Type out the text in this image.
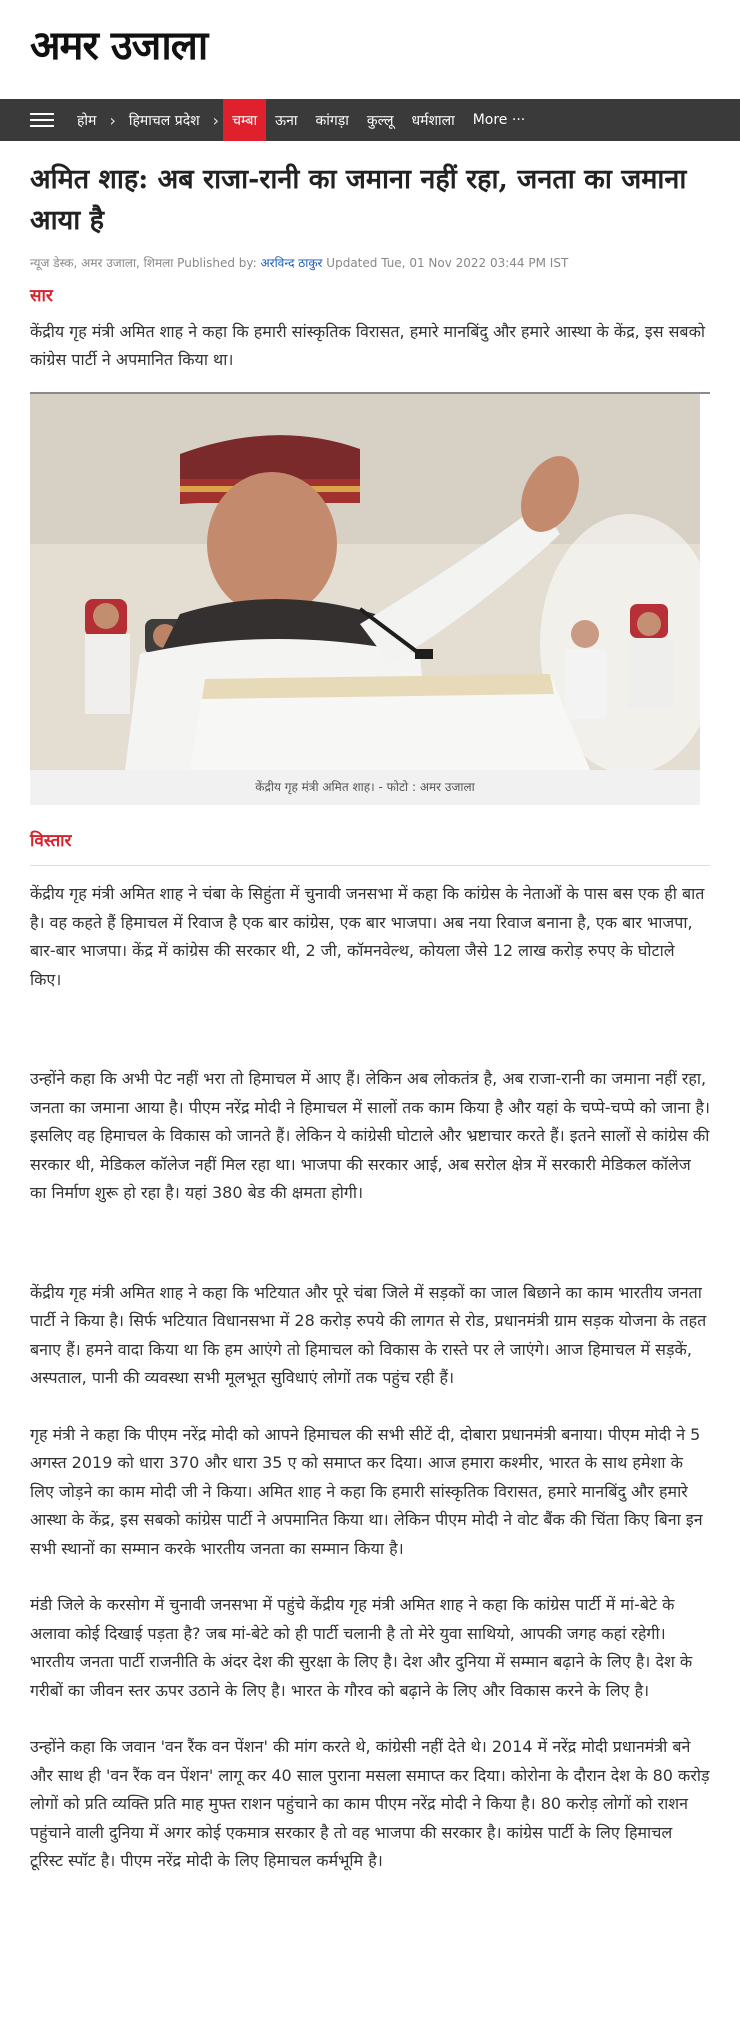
अमर उजाला
होम › हिमाचल प्रदेश › चम्बा	ऊना	कांगड़ा	कुल्लू	धर्मशाला	More ···
अमित शाह: अब राजा-रानी का जमाना नहीं रहा, जनता का जमाना आया है
न्यूज डेस्क, अमर उजाला, शिमला Published by: अरविन्द ठाकुर Updated Tue, 01 Nov 2022 03:44 PM IST
सार

केंद्रीय गृह मंत्री अमित शाह ने कहा कि हमारी सांस्कृतिक विरासत, हमारे मानबिंदु और हमारे आस्था के केंद्र, इस सबको कांग्रेस पार्टी ने अपमानित किया था।

केंद्रीय गृह मंत्री अमित शाह। - फोटो : अमर उजाला
विस्तार

केंद्रीय गृह मंत्री अमित शाह ने चंबा के सिहुंता में चुनावी जनसभा में कहा कि कांग्रेस के नेताओं के पास बस एक ही बात है। वह कहते हैं हिमाचल में रिवाज है एक बार कांग्रेस, एक बार भाजपा। अब नया रिवाज बनाना है, एक बार भाजपा, बार-बार भाजपा। केंद्र में कांग्रेस की सरकार थी, 2 जी, कॉमनवेल्थ, कोयला जैसे 12 लाख करोड़ रुपए के घोटाले किए।

उन्होंने कहा कि अभी पेट नहीं भरा तो हिमाचल में आए हैं। लेकिन अब लोकतंत्र है, अब राजा-रानी का जमाना नहीं रहा, जनता का जमाना आया है। पीएम नरेंद्र मोदी ने हिमाचल में सालों तक काम किया है और यहां के चप्पे-चप्पे को जाना है। इसलिए वह हिमाचल के विकास को जानते हैं। लेकिन ये कांग्रेसी घोटाले और भ्रष्टाचार करते हैं। इतने सालों से कांग्रेस की सरकार थी, मेडिकल कॉलेज नहीं मिल रहा था। भाजपा की सरकार आई, अब सरोल क्षेत्र में सरकारी मेडिकल कॉलेज का निर्माण शुरू हो रहा है। यहां 380 बेड की क्षमता होगी।

केंद्रीय गृह मंत्री अमित शाह ने कहा कि भटियात और पूरे चंबा जिले में सड़कों का जाल बिछाने का काम भारतीय जनता पार्टी ने किया है। सिर्फ भटियात विधानसभा में 28 करोड़ रुपये की लागत से रोड, प्रधानमंत्री ग्राम सड़क योजना के तहत बनाए हैं। हमने वादा किया था कि हम आएंगे तो हिमाचल को विकास के रास्ते पर ले जाएंगे। आज हिमाचल में सड़कें, अस्पताल, पानी की व्यवस्था सभी मूलभूत सुविधाएं लोगों तक पहुंच रही हैं।

गृह मंत्री ने कहा कि पीएम नरेंद्र मोदी को आपने हिमाचल की सभी सीटें दी, दोबारा प्रधानमंत्री बनाया। पीएम मोदी ने 5 अगस्त 2019 को धारा 370 और धारा 35 ए को समाप्त कर दिया। आज हमारा कश्मीर, भारत के साथ हमेशा के लिए जोड़ने का काम मोदी जी ने किया। अमित शाह ने कहा कि हमारी सांस्कृतिक विरासत, हमारे मानबिंदु और हमारे आस्था के केंद्र, इस सबको कांग्रेस पार्टी ने अपमानित किया था। लेकिन पीएम मोदी ने वोट बैंक की चिंता किए बिना इन सभी स्थानों का सम्मान करके भारतीय जनता का सम्मान किया है।

मंडी जिले के करसोग में चुनावी जनसभा में पहुंचे केंद्रीय गृह मंत्री अमित शाह ने कहा कि कांग्रेस पार्टी में मां-बेटे के अलावा कोई दिखाई पड़ता है? जब मां-बेटे को ही पार्टी चलानी है तो मेरे युवा साथियो, आपकी जगह कहां रहेगी। भारतीय जनता पार्टी राजनीति के अंदर देश की सुरक्षा के लिए है। देश और दुनिया में सम्मान बढ़ाने के लिए है। देश के गरीबों का जीवन स्तर ऊपर उठाने के लिए है। भारत के गौरव को बढ़ाने के लिए और विकास करने के लिए है।

उन्होंने कहा कि जवान 'वन रैंक वन पेंशन' की मांग करते थे, कांग्रेसी नहीं देते थे। 2014 में नरेंद्र मोदी प्रधानमंत्री बने और साथ ही 'वन रैंक वन पेंशन' लागू कर 40 साल पुराना मसला समाप्त कर दिया। कोरोना के दौरान देश के 80 करोड़ लोगों को प्रति व्यक्ति प्रति माह मुफ्त राशन पहुंचाने का काम पीएम नरेंद्र मोदी ने किया है। 80 करोड़ लोगों को राशन पहुंचाने वाली दुनिया में अगर कोई एकमात्र सरकार है तो वह भाजपा की सरकार है। कांग्रेस पार्टी के लिए हिमाचल टूरिस्ट स्पॉट है। पीएम नरेंद्र मोदी के लिए हिमाचल कर्मभूमि है।
